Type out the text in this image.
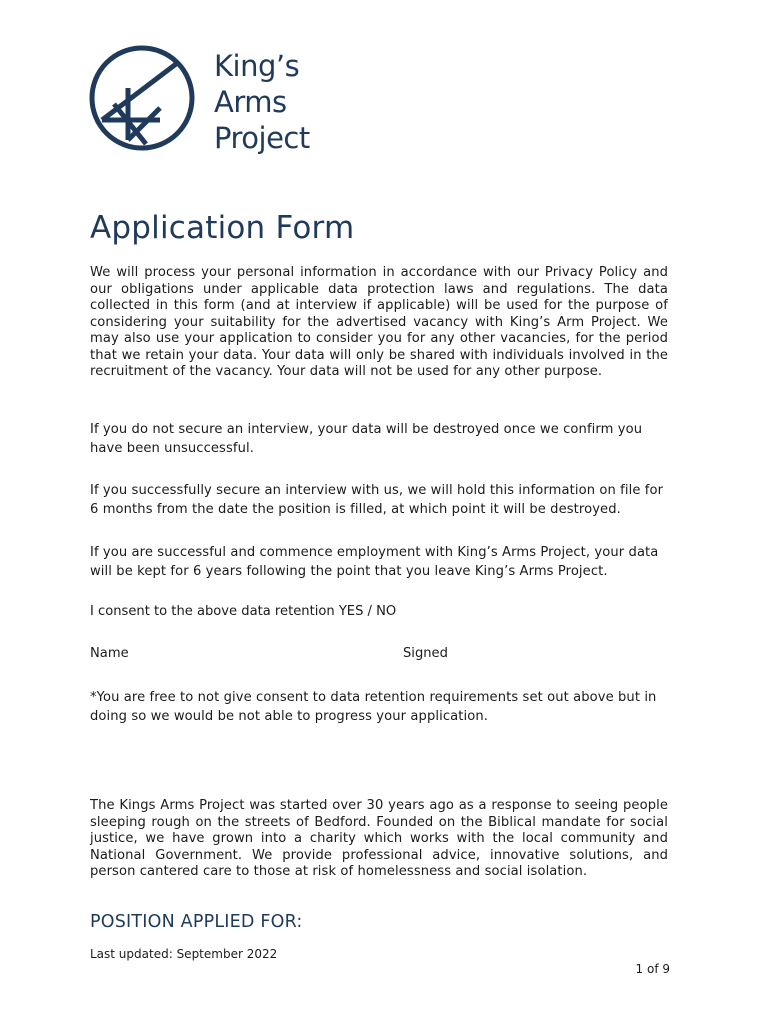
King’s
Arms
Project
Application Form

We will process your personal information in accordance with our Privacy Policy and our obligations under applicable data protection laws and regulations. The data collected in this form (and at interview if applicable) will be used for the purpose of considering your suitability for the advertised vacancy with King’s Arm Project. We may also use your application to consider you for any other vacancies, for the period that we retain your data. Your data will only be shared with individuals involved in the recruitment of the vacancy. Your data will not be used for any other purpose.

If you do not secure an interview, your data will be destroyed once we confirm you have been unsuccessful.

If you successfully secure an interview with us, we will hold this information on file for 6 months from the date the position is filled, at which point it will be destroyed.

If you are successful and commence employment with King’s Arms Project, your data will be kept for 6 years following the point that you leave King’s Arms Project.

I consent to the above data retention YES / NO
Name	Signed

*You are free to not give consent to data retention requirements set out above but in doing so we would be not able to progress your application.

The Kings Arms Project was started over 30 years ago as a response to seeing people sleeping rough on the streets of Bedford. Founded on the Biblical mandate for social justice, we have grown into a charity which works with the local community and National Government. We provide professional advice, innovative solutions, and person cantered care to those at risk of homelessness and social isolation.

POSITION APPLIED FOR:
Last updated: September 2022
1 of 9
